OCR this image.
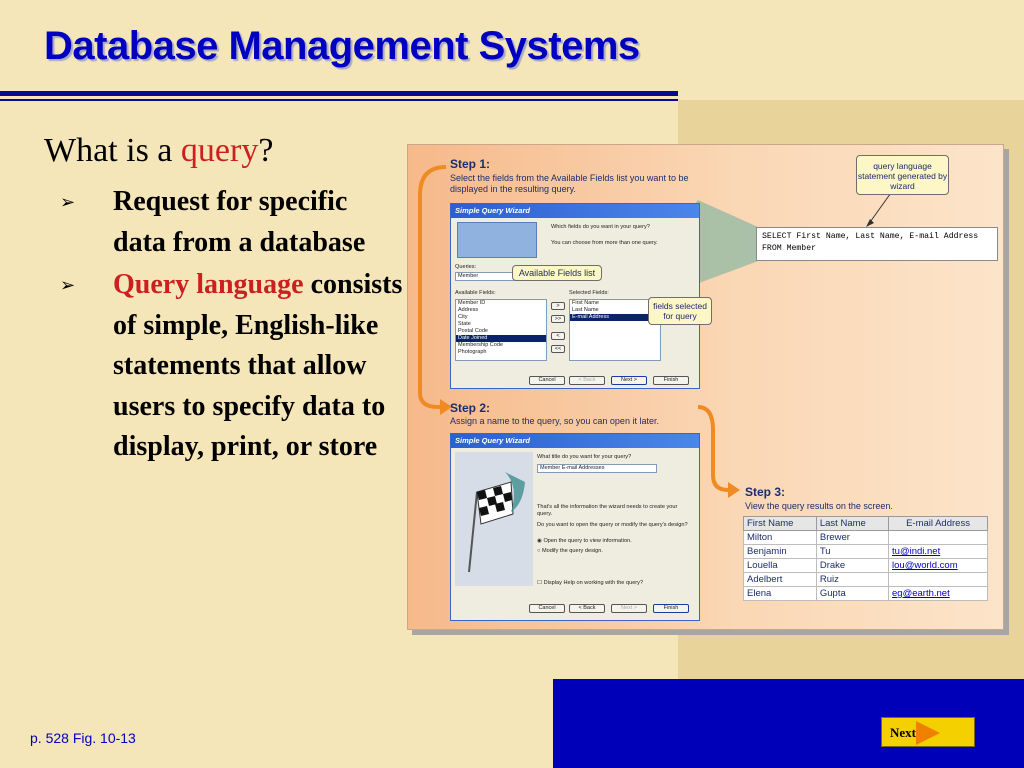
Database Management Systems
What is a query?
➢ Request for specific data from a database
➢ Query language consists of simple, English-like statements that allow users to specify data to display, print, or store
p. 528 Fig. 10-13	Next
Step 1:
Select the fields from the Available Fields list you want to be displayed in the resulting query.
query language statement generated by wizard
SELECT First Name, Last Name, E-mail Address
FROM Member
Simple Query Wizard
Which fields do you want in your query?
You can choose from more than one query.
Queries:
Member
Available Fields:	Selected Fields:
Member ID
Address
City
State
Postal Code
Date Joined
Membership Code
Photograph
>
>>
<
<<
First Name
Last Name
E-mail Address
Cancel	< Back	Next >	Finish
Available Fields list
fields selected for query
Step 2:
Assign a name to the query, so you can open it later.
Simple Query Wizard
What title do you want for your query?
Member E-mail Addresses
That's all the information the wizard needs to create your query.
Do you want to open the query or modify the query's design?
◉ Open the query to view information.
○ Modify the query design.
☐ Display Help on working with the query?
Cancel	< Back	Next >	Finish
Step 3:
View the query results on the screen.
First Name	Last Name	E-mail Address
Milton	Brewer	
Benjamin	Tu	tu@indi.net
Louella	Drake	lou@world.com
Adelbert	Ruiz	
Elena	Gupta	eg@earth.net
